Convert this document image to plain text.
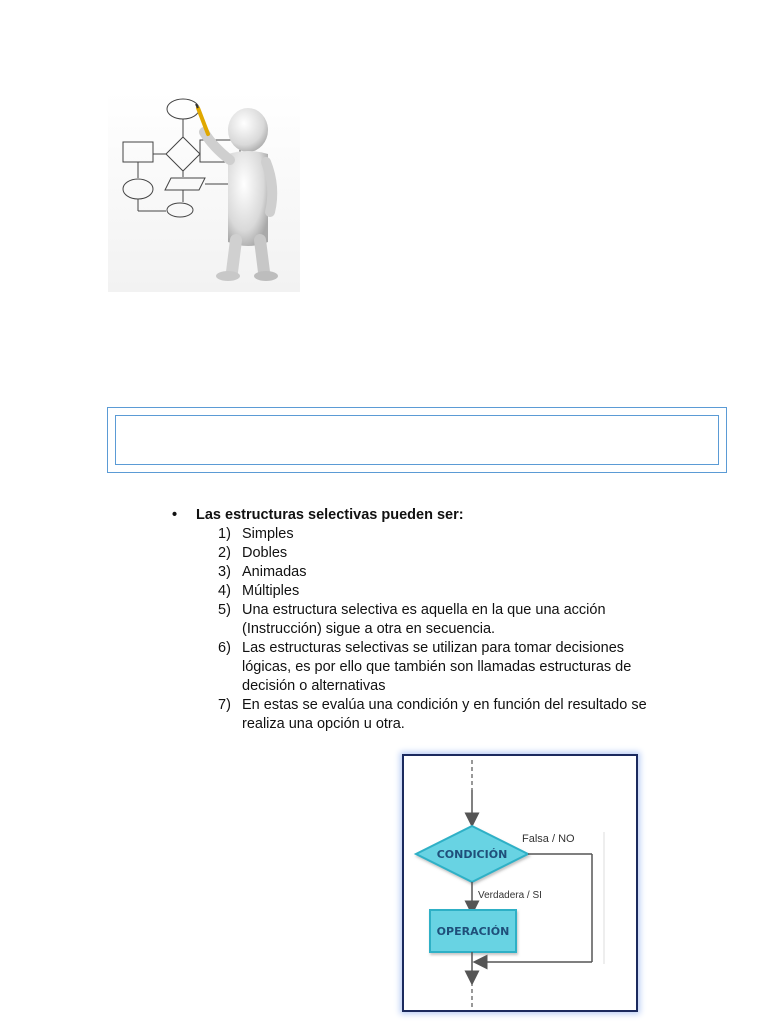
•	Las estructuras selectivas pueden ser:
1) Simples
2) Dobles
3) Animadas
4) Múltiples
5) Una estructura selectiva es aquella en la que una acción (Instrucción) sigue a otra en secuencia.
6) Las estructuras selectivas se utilizan para tomar decisiones lógicas, es por ello que también son llamadas estructuras de decisión o alternativas
7) En estas se evalúa una condición y en función del resultado se realiza una opción u otra.
CONDICIÓN
Falsa / NO
Verdadera / SI
OPERACIÓN
